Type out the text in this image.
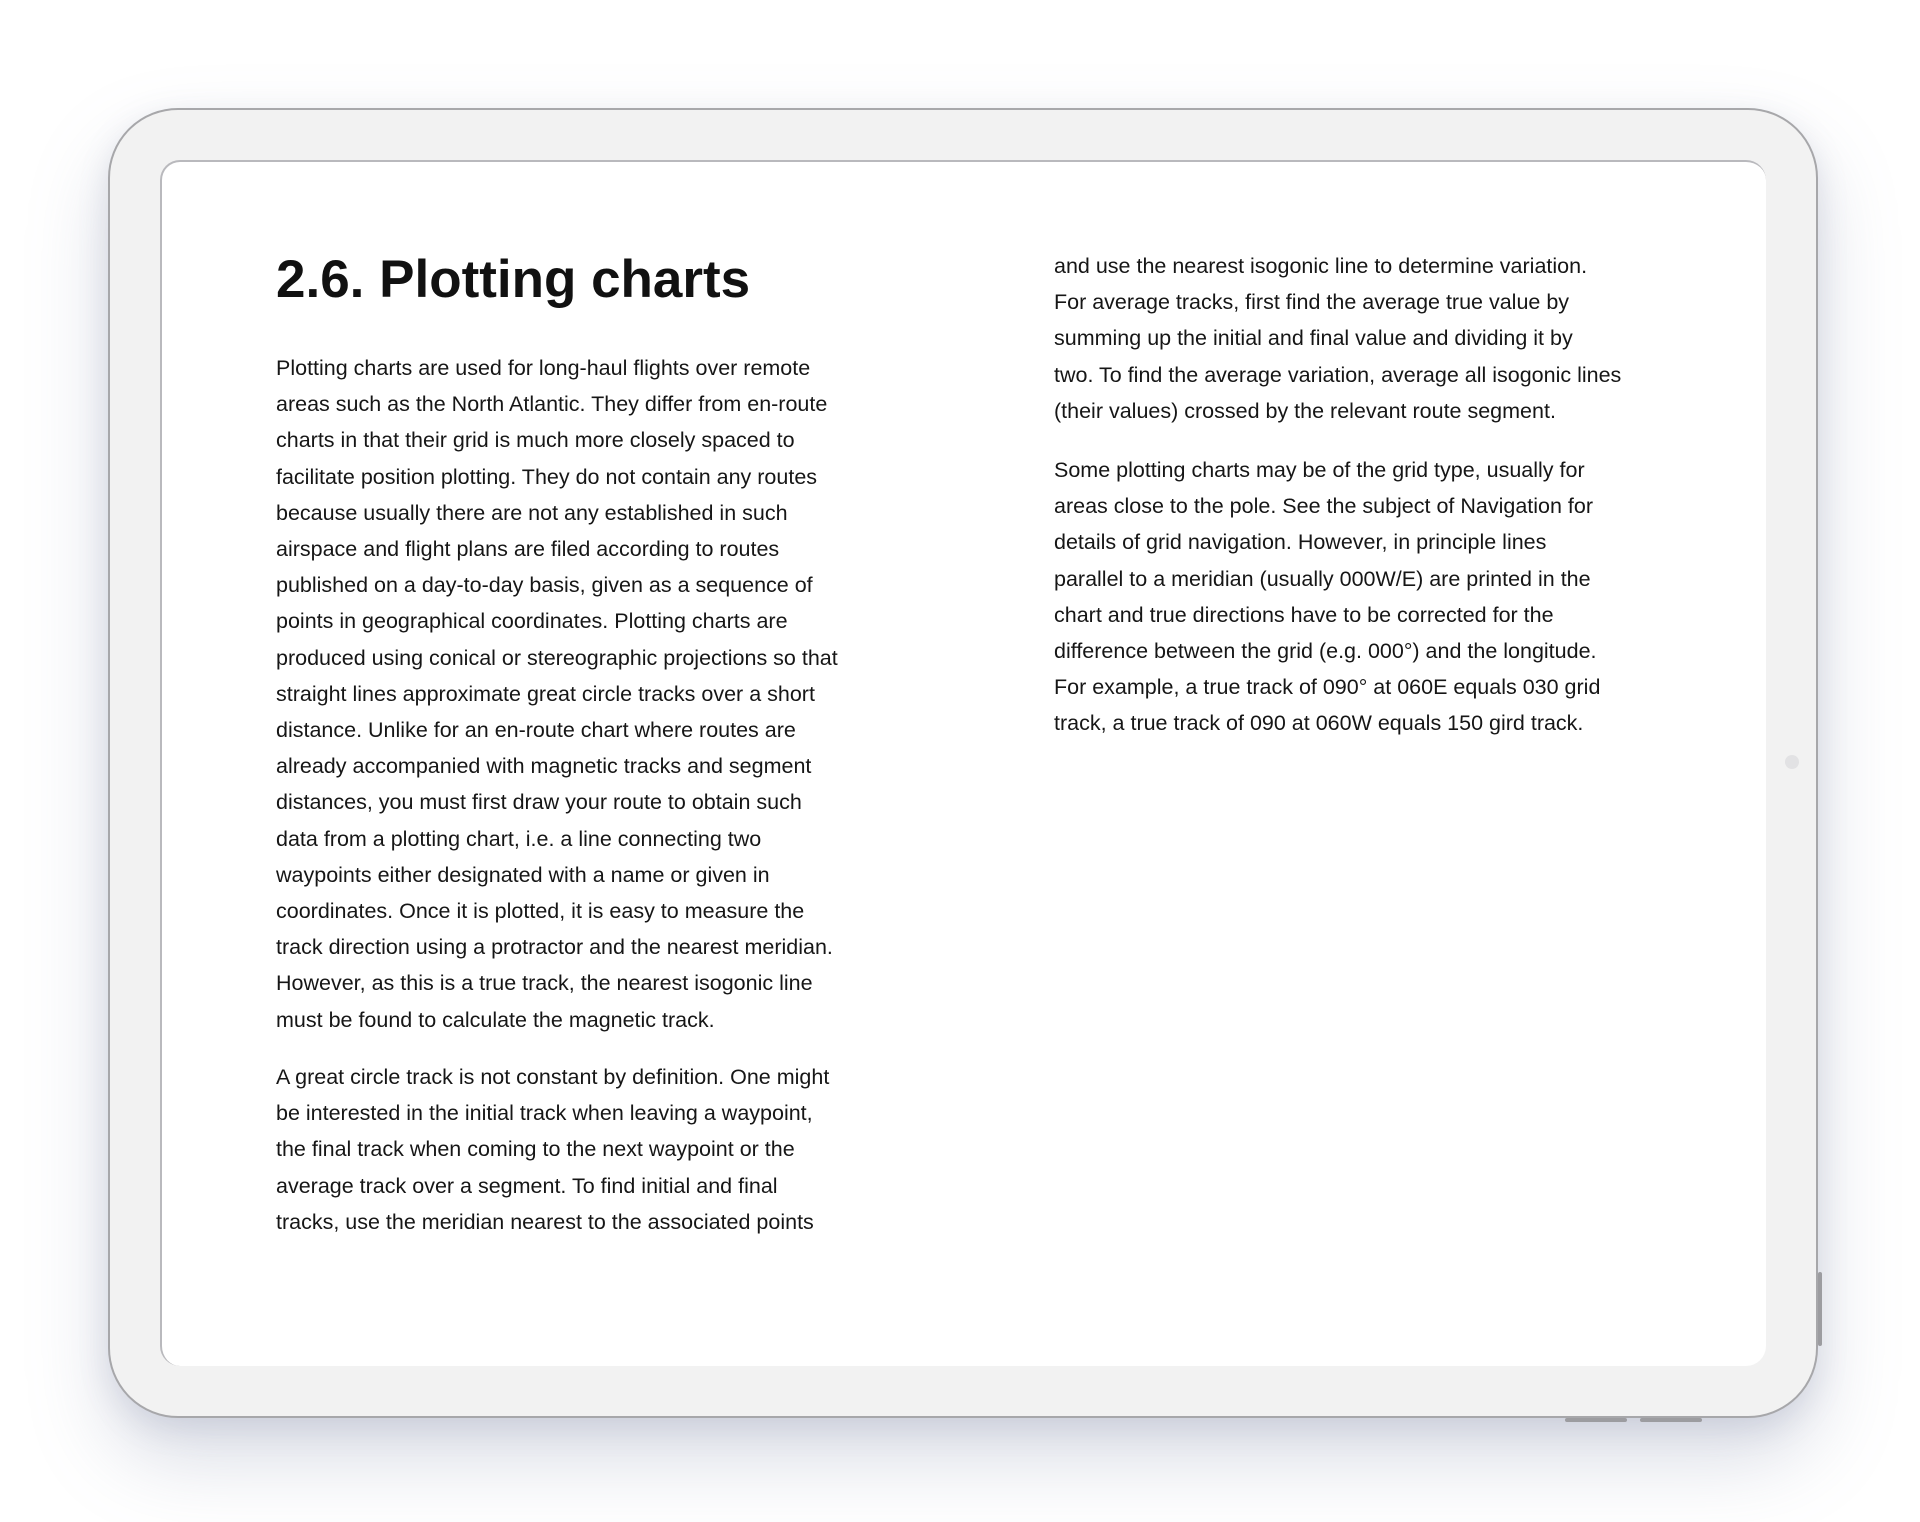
2.6. Plotting charts

Plotting charts are used for long-haul flights over remote
areas such as the North Atlantic. They differ from en-route
charts in that their grid is much more closely spaced to
facilitate position plotting. They do not contain any routes
because usually there are not any established in such
airspace and flight plans are filed according to routes
published on a day-to-day basis, given as a sequence of
points in geographical coordinates. Plotting charts are
produced using conical or stereographic projections so that
straight lines approximate great circle tracks over a short
distance. Unlike for an en-route chart where routes are
already accompanied with magnetic tracks and segment
distances, you must first draw your route to obtain such
data from a plotting chart, i.e. a line connecting two
waypoints either designated with a name or given in
coordinates. Once it is plotted, it is easy to measure the
track direction using a protractor and the nearest meridian.
However, as this is a true track, the nearest isogonic line
must be found to calculate the magnetic track.

A great circle track is not constant by definition. One might
be interested in the initial track when leaving a waypoint,
the final track when coming to the next waypoint or the
average track over a segment. To find initial and final
tracks, use the meridian nearest to the associated points

and use the nearest isogonic line to determine variation.
For average tracks, first find the average true value by
summing up the initial and final value and dividing it by
two. To find the average variation, average all isogonic lines
(their values) crossed by the relevant route segment.

Some plotting charts may be of the grid type, usually for
areas close to the pole. See the subject of Navigation for
details of grid navigation. However, in principle lines
parallel to a meridian (usually 000W/E) are printed in the
chart and true directions have to be corrected for the
difference between the grid (e.g. 000°) and the longitude.
For example, a true track of 090° at 060E equals 030 grid
track, a true track of 090 at 060W equals 150 gird track.
